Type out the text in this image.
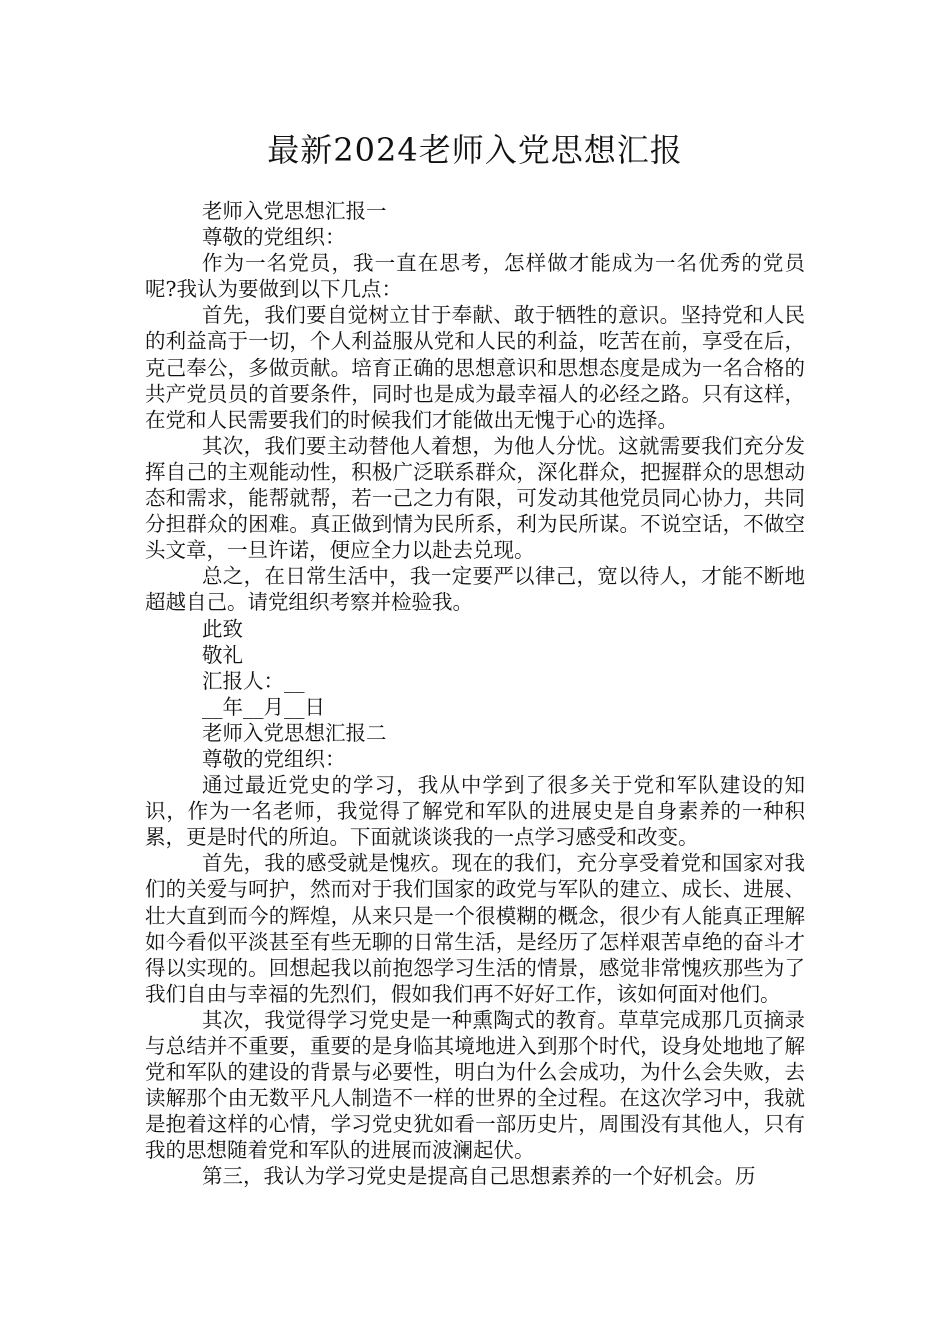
最新2024老师入党思想汇报

老师入党思想汇报一

尊敬的党组织：

作为一名党员，我一直在思考，怎样做才能成为一名优秀的党员呢?我认为要做到以下几点：

首先，我们要自觉树立甘于奉献、敢于牺牲的意识。坚持党和人民的利益高于一切，个人利益服从党和人民的利益，吃苦在前，享受在后，克己奉公，多做贡献。培育正确的思想意识和思想态度是成为一名合格的共产党员员的首要条件，同时也是成为最幸福人的必经之路。只有这样，在党和人民需要我们的时候我们才能做出无愧于心的选择。

其次，我们要主动替他人着想，为他人分忧。这就需要我们充分发挥自己的主观能动性，积极广泛联系群众，深化群众，把握群众的思想动态和需求，能帮就帮，若一己之力有限，可发动其他党员同心协力，共同分担群众的困难。真正做到情为民所系，利为民所谋。不说空话，不做空头文章，一旦许诺，便应全力以赴去兑现。

总之，在日常生活中，我一定要严以律己，宽以待人，才能不断地超越自己。请党组织考察并检验我。

此致

敬礼

汇报人：__

__年__月__日

老师入党思想汇报二

尊敬的党组织：

通过最近党史的学习，我从中学到了很多关于党和军队建设的知识，作为一名老师，我觉得了解党和军队的进展史是自身素养的一种积累，更是时代的所迫。下面就谈谈我的一点学习感受和改变。

首先，我的感受就是愧疚。现在的我们，充分享受着党和国家对我们的关爱与呵护，然而对于我们国家的政党与军队的建立、成长、进展、壮大直到而今的辉煌，从来只是一个很模糊的概念，很少有人能真正理解如今看似平淡甚至有些无聊的日常生活，是经历了怎样艰苦卓绝的奋斗才得以实现的。回想起我以前抱怨学习生活的情景，感觉非常愧疚那些为了我们自由与幸福的先烈们，假如我们再不好好工作，该如何面对他们。

其次，我觉得学习党史是一种熏陶式的教育。草草完成那几页摘录与总结并不重要，重要的是身临其境地进入到那个时代，设身处地地了解党和军队的建设的背景与必要性，明白为什么会成功，为什么会失败，去读解那个由无数平凡人制造不一样的世界的全过程。在这次学习中，我就是抱着这样的心情，学习党史犹如看一部历史片，周围没有其他人，只有我的思想随着党和军队的进展而波澜起伏。

第三，我认为学习党史是提高自己思想素养的一个好机会。历
